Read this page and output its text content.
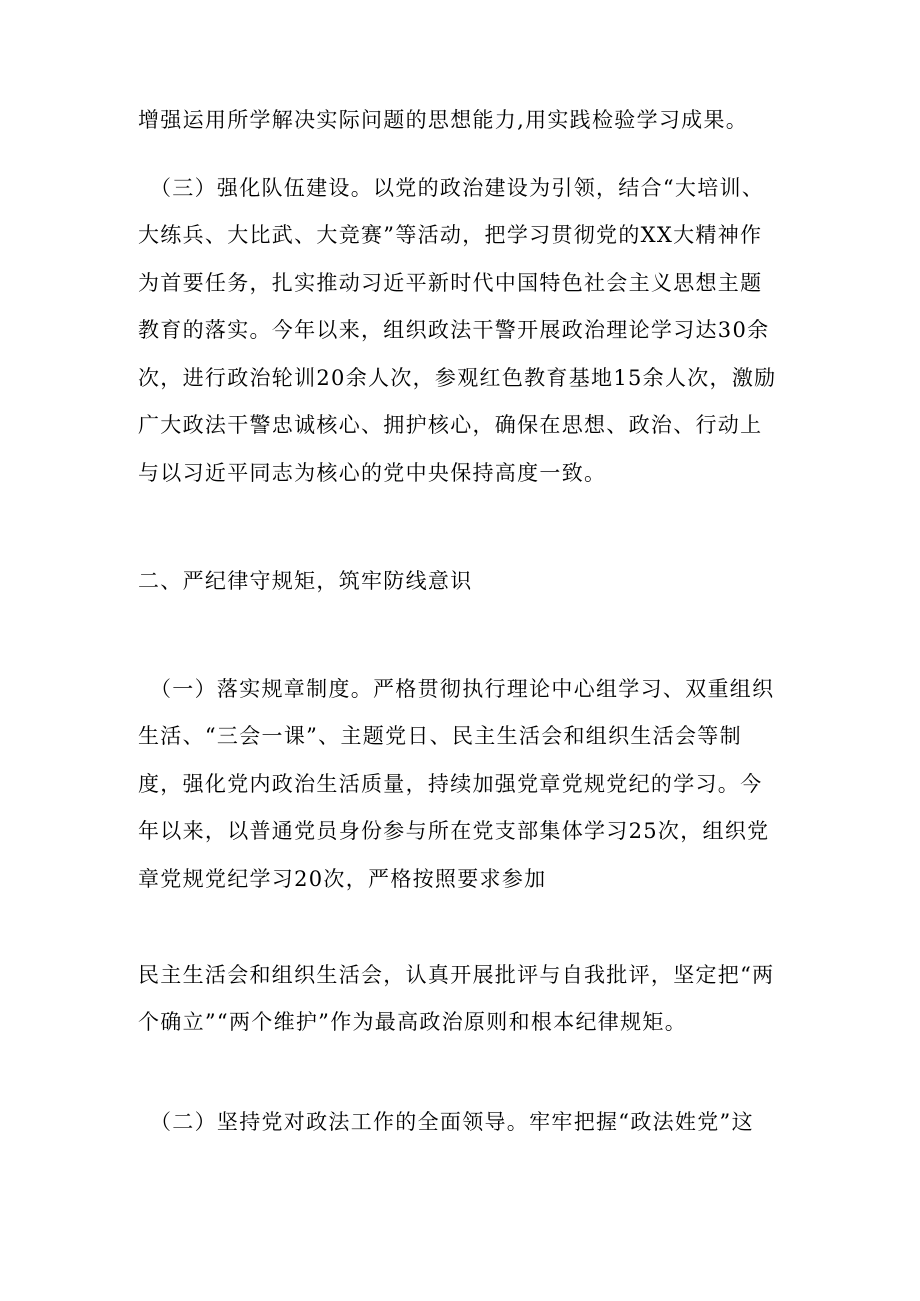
增强运用所学解决实际问题的思想能力,用实践检验学习成果。
（三）强化队伍建设。以党的政治建设为引领，结合“大培训、
大练兵、大比武、大竞赛”等活动，把学习贯彻党的XX大精神作
为首要任务，扎实推动习近平新时代中国特色社会主义思想主题
教育的落实。今年以来，组织政法干警开展政治理论学习达30余
次，进行政治轮训20余人次，参观红色教育基地15余人次，激励
广大政法干警忠诚核心、拥护核心，确保在思想、政治、行动上
与以习近平同志为核心的党中央保持高度一致。
二、严纪律守规矩，筑牢防线意识
（一）落实规章制度。严格贯彻执行理论中心组学习、双重组织
生活、“三会一课”、主题党日、民主生活会和组织生活会等制
度，强化党内政治生活质量，持续加强党章党规党纪的学习。今
年以来，以普通党员身份参与所在党支部集体学习25次，组织党
章党规党纪学习20次，严格按照要求参加
民主生活会和组织生活会，认真开展批评与自我批评，坚定把“两
个确立”“两个维护”作为最高政治原则和根本纪律规矩。
（二）坚持党对政法工作的全面领导。牢牢把握“政法姓党”这
